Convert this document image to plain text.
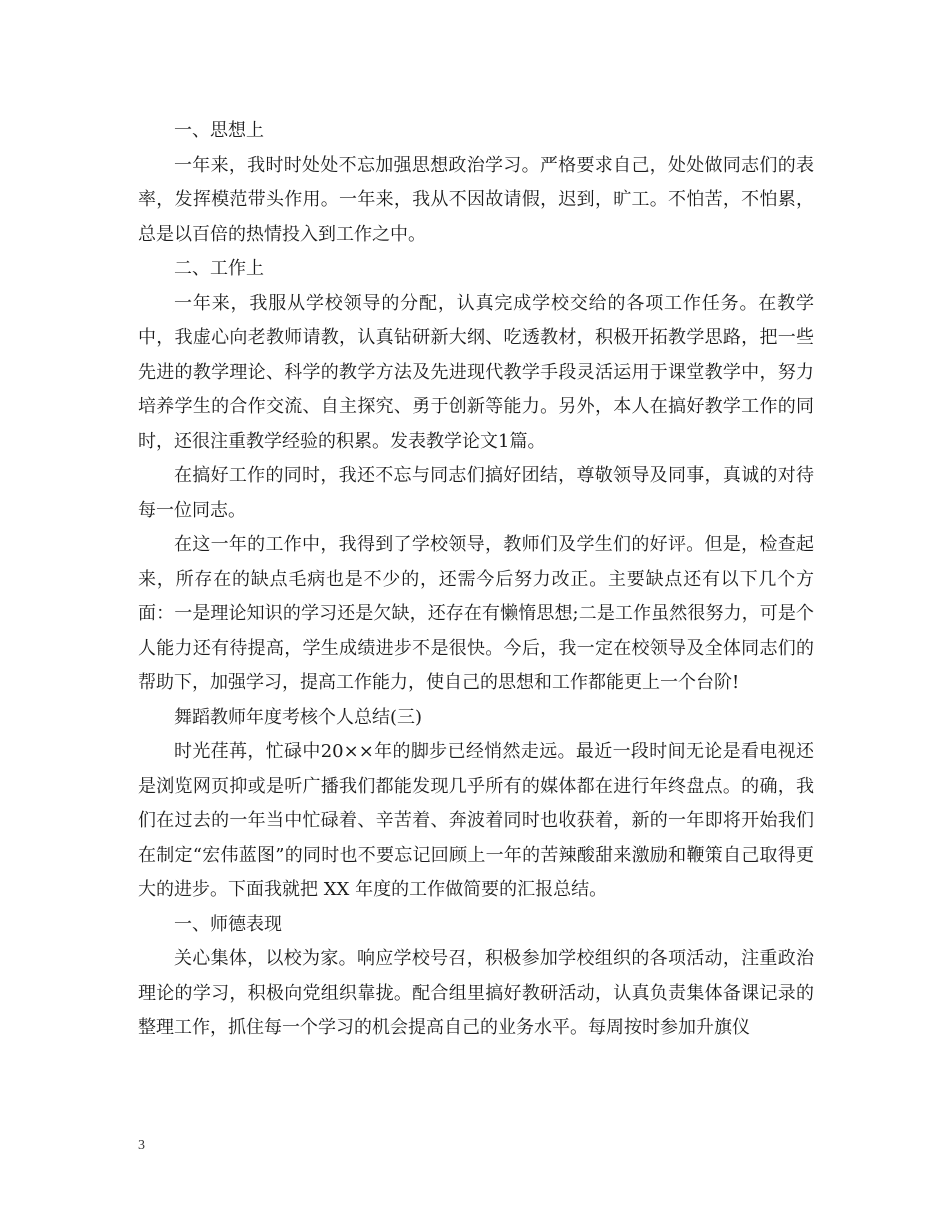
一、思想上

一年来，我时时处处不忘加强思想政治学习。严格要求自己，处处做同志们的表率，发挥模范带头作用。一年来，我从不因故请假，迟到，旷工。不怕苦，不怕累，总是以百倍的热情投入到工作之中。

二、工作上

一年来，我服从学校领导的分配，认真完成学校交给的各项工作任务。在教学中，我虚心向老教师请教，认真钻研新大纲、吃透教材，积极开拓教学思路，把一些先进的教学理论、科学的教学方法及先进现代教学手段灵活运用于课堂教学中，努力培养学生的合作交流、自主探究、勇于创新等能力。另外，本人在搞好教学工作的同时，还很注重教学经验的积累。发表教学论文1篇。

在搞好工作的同时，我还不忘与同志们搞好团结，尊敬领导及同事，真诚的对待每一位同志。

在这一年的工作中，我得到了学校领导，教师们及学生们的好评。但是，检查起来，所存在的缺点毛病也是不少的，还需今后努力改正。主要缺点还有以下几个方面：一是理论知识的学习还是欠缺，还存在有懒惰思想;二是工作虽然很努力，可是个人能力还有待提高，学生成绩进步不是很快。今后，我一定在校领导及全体同志们的帮助下，加强学习，提高工作能力，使自己的思想和工作都能更上一个台阶!

舞蹈教师年度考核个人总结(三)

时光荏苒，忙碌中20××年的脚步已经悄然走远。最近一段时间无论是看电视还是浏览网页抑或是听广播我们都能发现几乎所有的媒体都在进行年终盘点。的确，我们在过去的一年当中忙碌着、辛苦着、奔波着同时也收获着，新的一年即将开始我们在制定“宏伟蓝图”的同时也不要忘记回顾上一年的苦辣酸甜来激励和鞭策自己取得更大的进步。下面我就把 XX 年度的工作做简要的汇报总结。

一、师德表现

关心集体，以校为家。响应学校号召，积极参加学校组织的各项活动，注重政治理论的学习，积极向党组织靠拢。配合组里搞好教研活动，认真负责集体备课记录的整理工作，抓住每一个学习的机会提高自己的业务水平。每周按时参加升旗仪

3
